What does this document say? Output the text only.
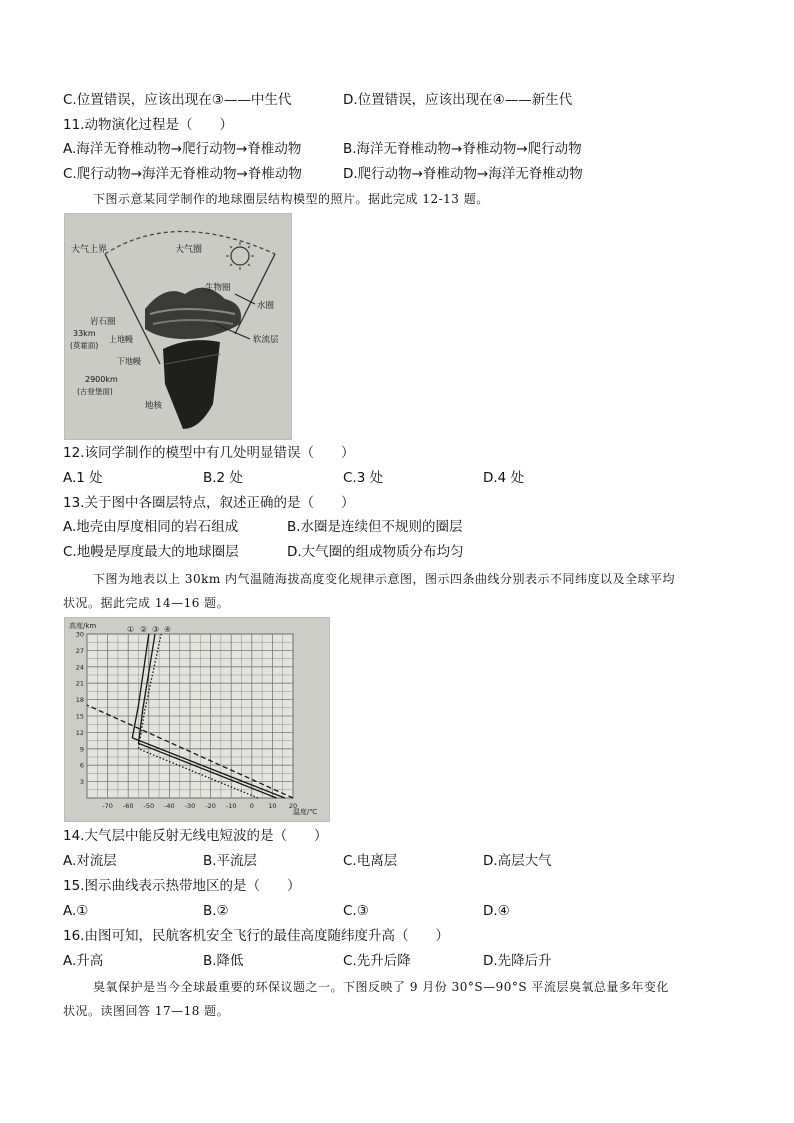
C.位置错误，应该出现在③——中生代	D.位置错误，应该出现在④——新生代
11.动物演化过程是（　　）
A.海洋无脊椎动物→爬行动物→脊椎动物	B.海洋无脊椎动物→脊椎动物→爬行动物
C.爬行动物→海洋无脊椎动物→脊椎动物	D.爬行动物→脊椎动物→海洋无脊椎动物
下图示意某同学制作的地球圈层结构模型的照片。据此完成 12-13 题。
大气上界	大气圈
生物圈
水圈
岩石圈
33km
(莫霍面)
上地幔	软流层
下地幔
2900km
(古登堡面)
地核
12.该同学制作的模型中有几处明显错误（　　）
A.1 处	B.2 处	C.3 处	D.4 处
13.关于图中各圈层特点，叙述正确的是（　　）
A.地壳由厚度相同的岩石组成	B.水圈是连续但不规则的圈层
C.地幔是厚度最大的地球圈层	D.大气圈的组成物质分布均匀
下图为地表以上 30km 内气温随海拔高度变化规律示意图，图示四条曲线分别表示不同纬度以及全球平均
状况。据此完成 14—16 题。
-70 -60 -50 -40 -30 -20 -10 0 10 20
3
6
9
12
15
18
21
24
27
30
高度/km
温度/℃
① ② ③ ④
14.大气层中能反射无线电短波的是（　　）
A.对流层	B.平流层	C.电离层	D.高层大气
15.图示曲线表示热带地区的是（　　）
A.①	B.②	C.③	D.④
16.由图可知，民航客机安全飞行的最佳高度随纬度升高（　　）
A.升高	B.降低	C.先升后降	D.先降后升
臭氧保护是当今全球最重要的环保议题之一。下图反映了 9 月份 30°S—90°S 平流层臭氧总量多年变化
状况。读图回答 17—18 题。
